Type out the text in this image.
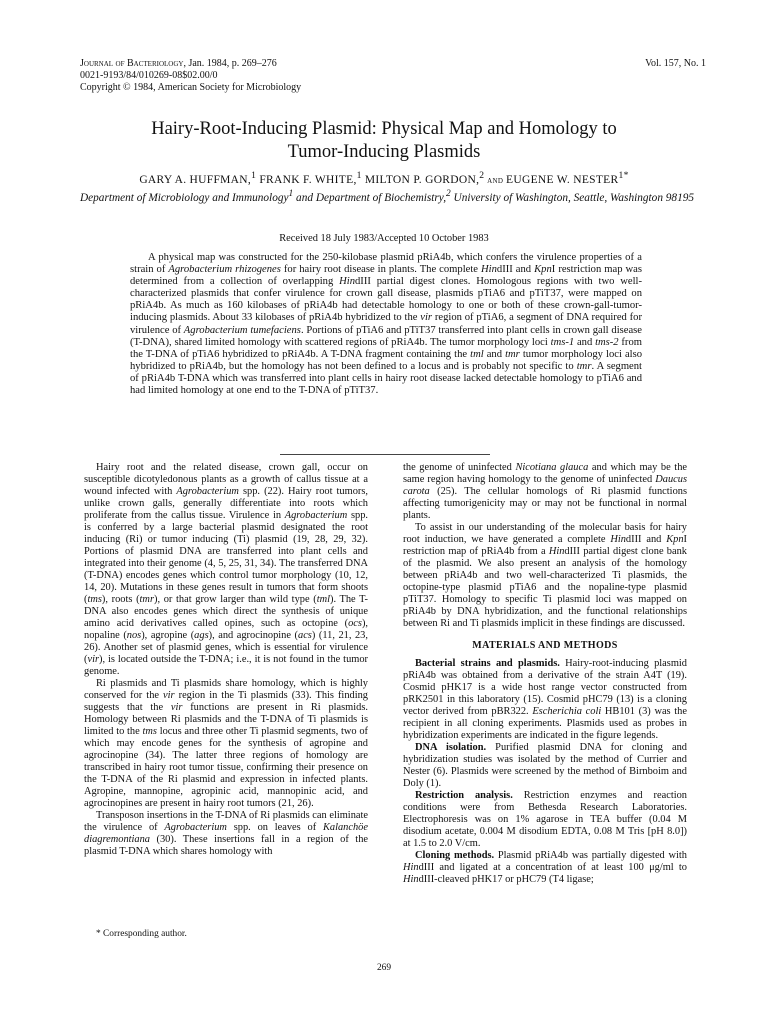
Journal of Bacteriology, Jan. 1984, p. 269–276
0021-9193/84/010269-08$02.00/0
Copyright © 1984, American Society for Microbiology
Vol. 157, No. 1
Hairy-Root-Inducing Plasmid: Physical Map and Homology to
Tumor-Inducing Plasmids
GARY A. HUFFMAN,$^1$ FRANK F. WHITE,$^1$ MILTON P. GORDON,$^2$ and EUGENE W. $NESTER^{1*}$
Department of Microbiology and Immunology$^1$ and Department of Biochemistry,$^2$ University of Washington, Seattle, Washington 98195
Received 18 July 1983/Accepted 10 October 1983

A physical map was constructed for the 250-kilobase plasmid pRiA4b, which confers the virulence properties of a strain of Agrobacterium rhizogenes for hairy root disease in plants. The complete HindIII and KpnI restriction map was determined from a collection of overlapping HindIII partial digest clones. Homologous regions with two well-characterized plasmids that confer virulence for crown gall disease, plasmids pTiA6 and pTiT37, were mapped on pRiA4b. As much as 160 kilobases of pRiA4b had detectable homology to one or both of these crown-gall-tumor-inducing plasmids. About 33 kilobases of pRiA4b hybridized to the vir region of pTiA6, a segment of DNA required for virulence of Agrobacterium tumefaciens. Portions of pTiA6 and pTiT37 transferred into plant cells in crown gall disease (T-DNA), shared limited homology with scattered regions of pRiA4b. The tumor morphology loci tms-1 and tms-2 from the T-DNA of pTiA6 hybridized to pRiA4b. A T-DNA fragment containing the tml and tmr tumor morphology loci also hybridized to pRiA4b, but the homology has not been defined to a locus and is probably not specific to tmr. A segment of pRiA4b T-DNA which was transferred into plant cells in hairy root disease lacked detectable homology to pTiA6 and had limited homology at one end to the T-DNA of pTiT37.

Hairy root and the related disease, crown gall, occur on susceptible dicotyledonous plants as a growth of callus tissue at a wound infected with Agrobacterium spp. (22). Hairy root tumors, unlike crown galls, generally differentiate into roots which proliferate from the callus tissue. Virulence in Agrobacterium spp. is conferred by a large bacterial plasmid designated the root inducing (Ri) or tumor inducing (Ti) plasmid (19, 28, 29, 32). Portions of plasmid DNA are transferred into plant cells and integrated into their genome (4, 5, 25, 31, 34). The transferred DNA (T-DNA) encodes genes which control tumor morphology (10, 12, 14, 20). Mutations in these genes result in tumors that form shoots (tms), roots (tmr), or that grow larger than wild type (tml). The T-DNA also encodes genes which direct the synthesis of unique amino acid derivatives called opines, such as octopine (ocs), nopaline (nos), agropine (ags), and agrocinopine (acs) (11, 21, 23, 26). Another set of plasmid genes, which is essential for virulence (vir), is located outside the T-DNA; i.e., it is not found in the tumor genome.

Ri plasmids and Ti plasmids share homology, which is highly conserved for the vir region in the Ti plasmids (33). This finding suggests that the vir functions are present in Ri plasmids. Homology between Ri plasmids and the T-DNA of Ti plasmids is limited to the tms locus and three other Ti plasmid segments, two of which may encode genes for the synthesis of agropine and agrocinopine (34). The latter three regions of homology are transcribed in hairy root tumor tissue, confirming their presence on the T-DNA of the Ri plasmid and expression in infected plants. Agropine, mannopine, agropinic acid, mannopinic acid, and agrocinopines are present in hairy root tumors (21, 26).

Transposon insertions in the T-DNA of Ri plasmids can eliminate the virulence of Agrobacterium spp. on leaves of Kalanchöe diagremontiana (30). These insertions fall in a region of the plasmid T-DNA which shares homology with

the genome of uninfected Nicotiana glauca and which may be the same region having homology to the genome of uninfected Daucus carota (25). The cellular homologs of Ri plasmid functions affecting tumorigenicity may or may not be functional in normal plants.

To assist in our understanding of the molecular basis for hairy root induction, we have generated a complete HindIII and KpnI restriction map of pRiA4b from a HindIII partial digest clone bank of the plasmid. We also present an analysis of the homology between pRiA4b and two well-characterized Ti plasmids, the octopine-type plasmid pTiA6 and the nopaline-type plasmid pTiT37. Homology to specific Ti plasmid loci was mapped on pRiA4b by DNA hybridization, and the functional relationships between Ri and Ti plasmids implicit in these findings are discussed.

MATERIALS AND METHODS

Bacterial strains and plasmids. Hairy-root-inducing plasmid pRiA4b was obtained from a derivative of the strain A4T (19). Cosmid pHK17 is a wide host range vector constructed from pRK2501 in this laboratory (15). Cosmid pHC79 (13) is a cloning vector derived from pBR322. Escherichia coli HB101 (3) was the recipient in all cloning experiments. Plasmids used as probes in hybridization experiments are indicated in the figure legends.

DNA isolation. Purified plasmid DNA for cloning and hybridization studies was isolated by the method of Currier and Nester (6). Plasmids were screened by the method of Birnboim and Doly (1).

Restriction analysis. Restriction enzymes and reaction conditions were from Bethesda Research Laboratories. Electrophoresis was on 1% agarose in TEA buffer (0.04 M disodium acetate, 0.004 M disodium EDTA, 0.08 M Tris [pH 8.0]) at 1.5 to 2.0 V/cm.

Cloning methods. Plasmid pRiA4b was partially digested with HindIII and ligated at a concentration of at least 100 μg/ml to HindIII-cleaved pHK17 or pHC79 (T4 ligase;

* Corresponding author.
269
